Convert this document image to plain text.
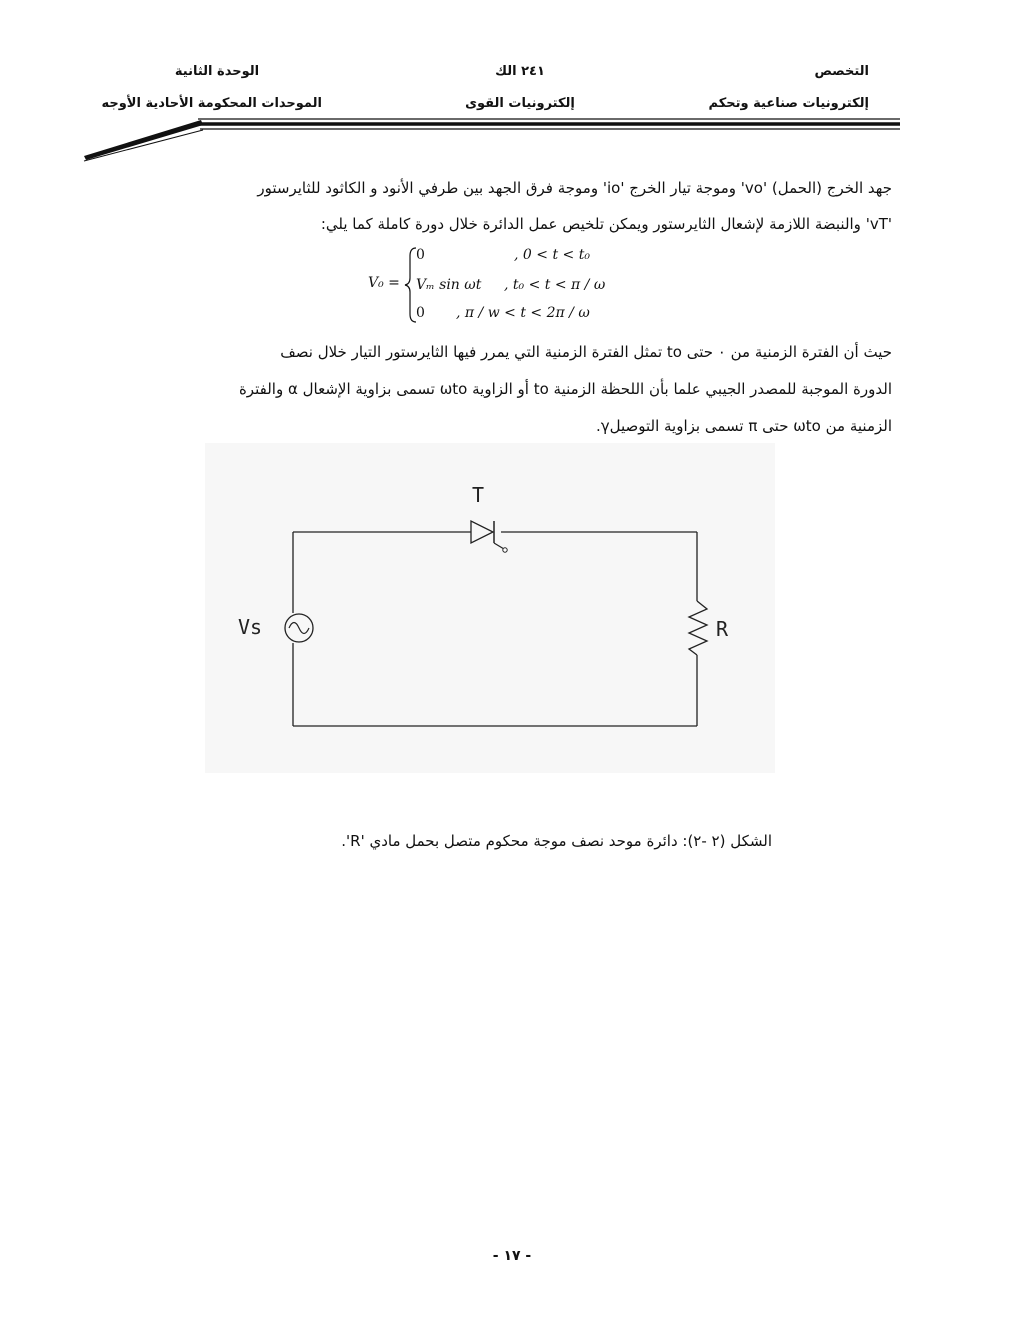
التخصص
إلكترونيات صناعية وتحكم
٢٤١ الك
إلكترونيات القوى
الوحدة الثانية
الموحدات المحكومة الأحادية الأوجه
جهد الخرج (الحمل) 'vo' وموجة تيار الخرج 'io' وموجة فرق الجهد بين طرفي الأنود و الكاثود للثايرستور
'vT' والنبضة اللازمة لإشعال الثايرستور ويمكن تلخيص عمل الدائرة خلال دورة كاملة كما يلي:
V₀ =
0	, 0 < t < t₀
Vₘ sin ωt , t₀ < t < π / ω
0 , π / w < t < 2π / ω
حيث أن الفترة الزمنية من ٠ حتى to تمثل الفترة الزمنية التي يمرر فيها الثايرستور التيار خلال نصف
الدورة الموجبة للمصدر الجيبي علما بأن اللحظة الزمنية to أو الزاوية ωto تسمى بزاوية الإشعال α والفترة
الزمنية من ωto حتى π تسمى بزاوية التوصيلγ.
T
Vs	R
الشكل (٢ -٢): دائرة موحد نصف موجة محكوم متصل بحمل مادي 'R'.
- ١٧ -
